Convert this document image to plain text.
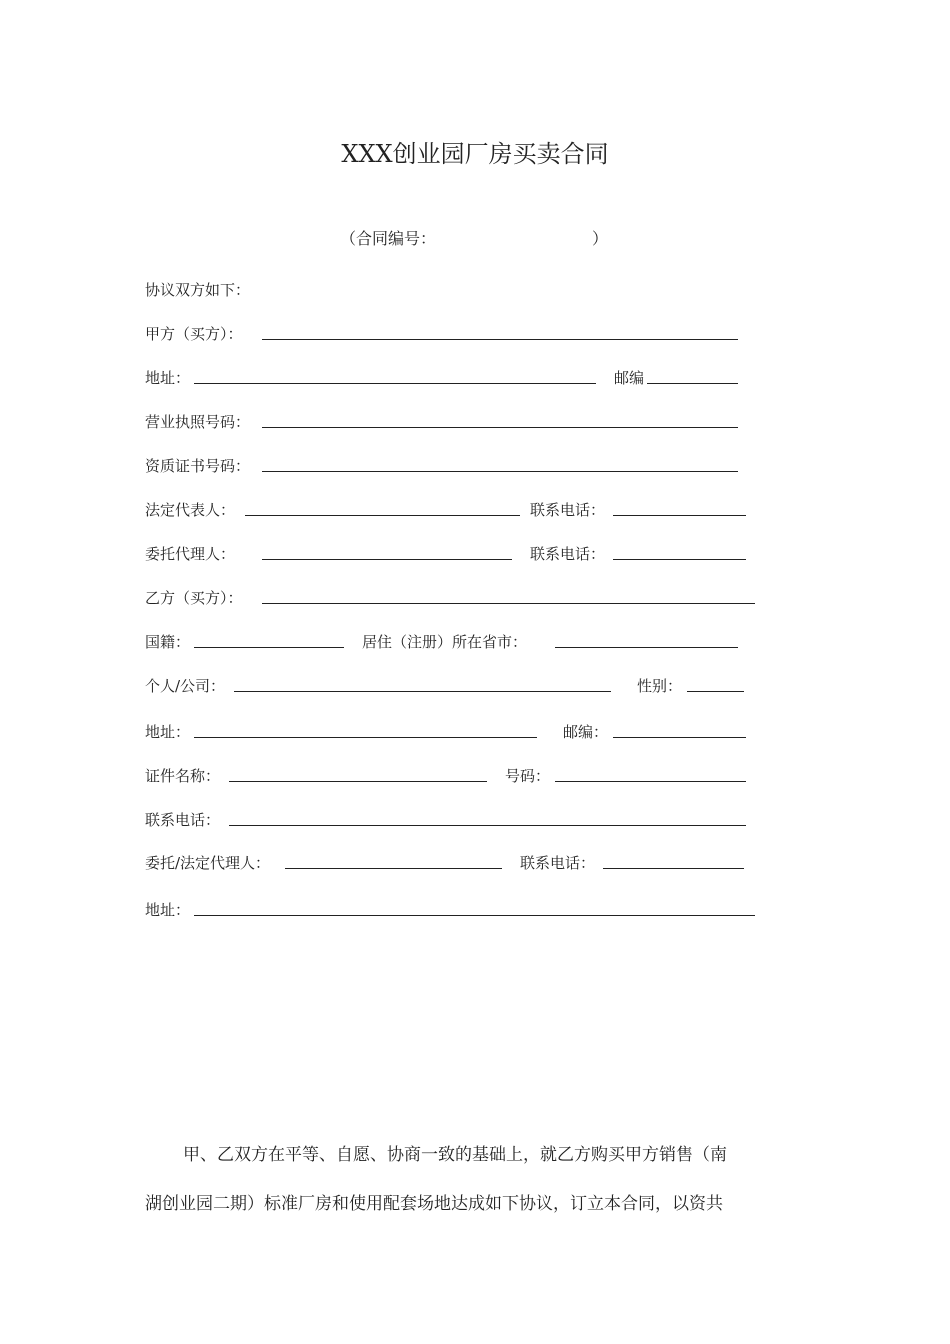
XXX创业园厂房买卖合同
（合同编号：	）
协议双方如下：
甲方（买方）：
地址：	邮编
营业执照号码：
资质证书号码：
法定代表人：	联系电话：
委托代理人：	联系电话：
乙方（买方）：
国籍：	居住（注册）所在省市：
个人/公司：	性别：
地址：	邮编：
证件名称：	号码：
联系电话：
委托/法定代理人：	联系电话：
地址：
甲、乙双方在平等、自愿、协商一致的基础上，就乙方购买甲方销售（南
湖创业园二期）标准厂房和使用配套场地达成如下协议，订立本合同，以资共
